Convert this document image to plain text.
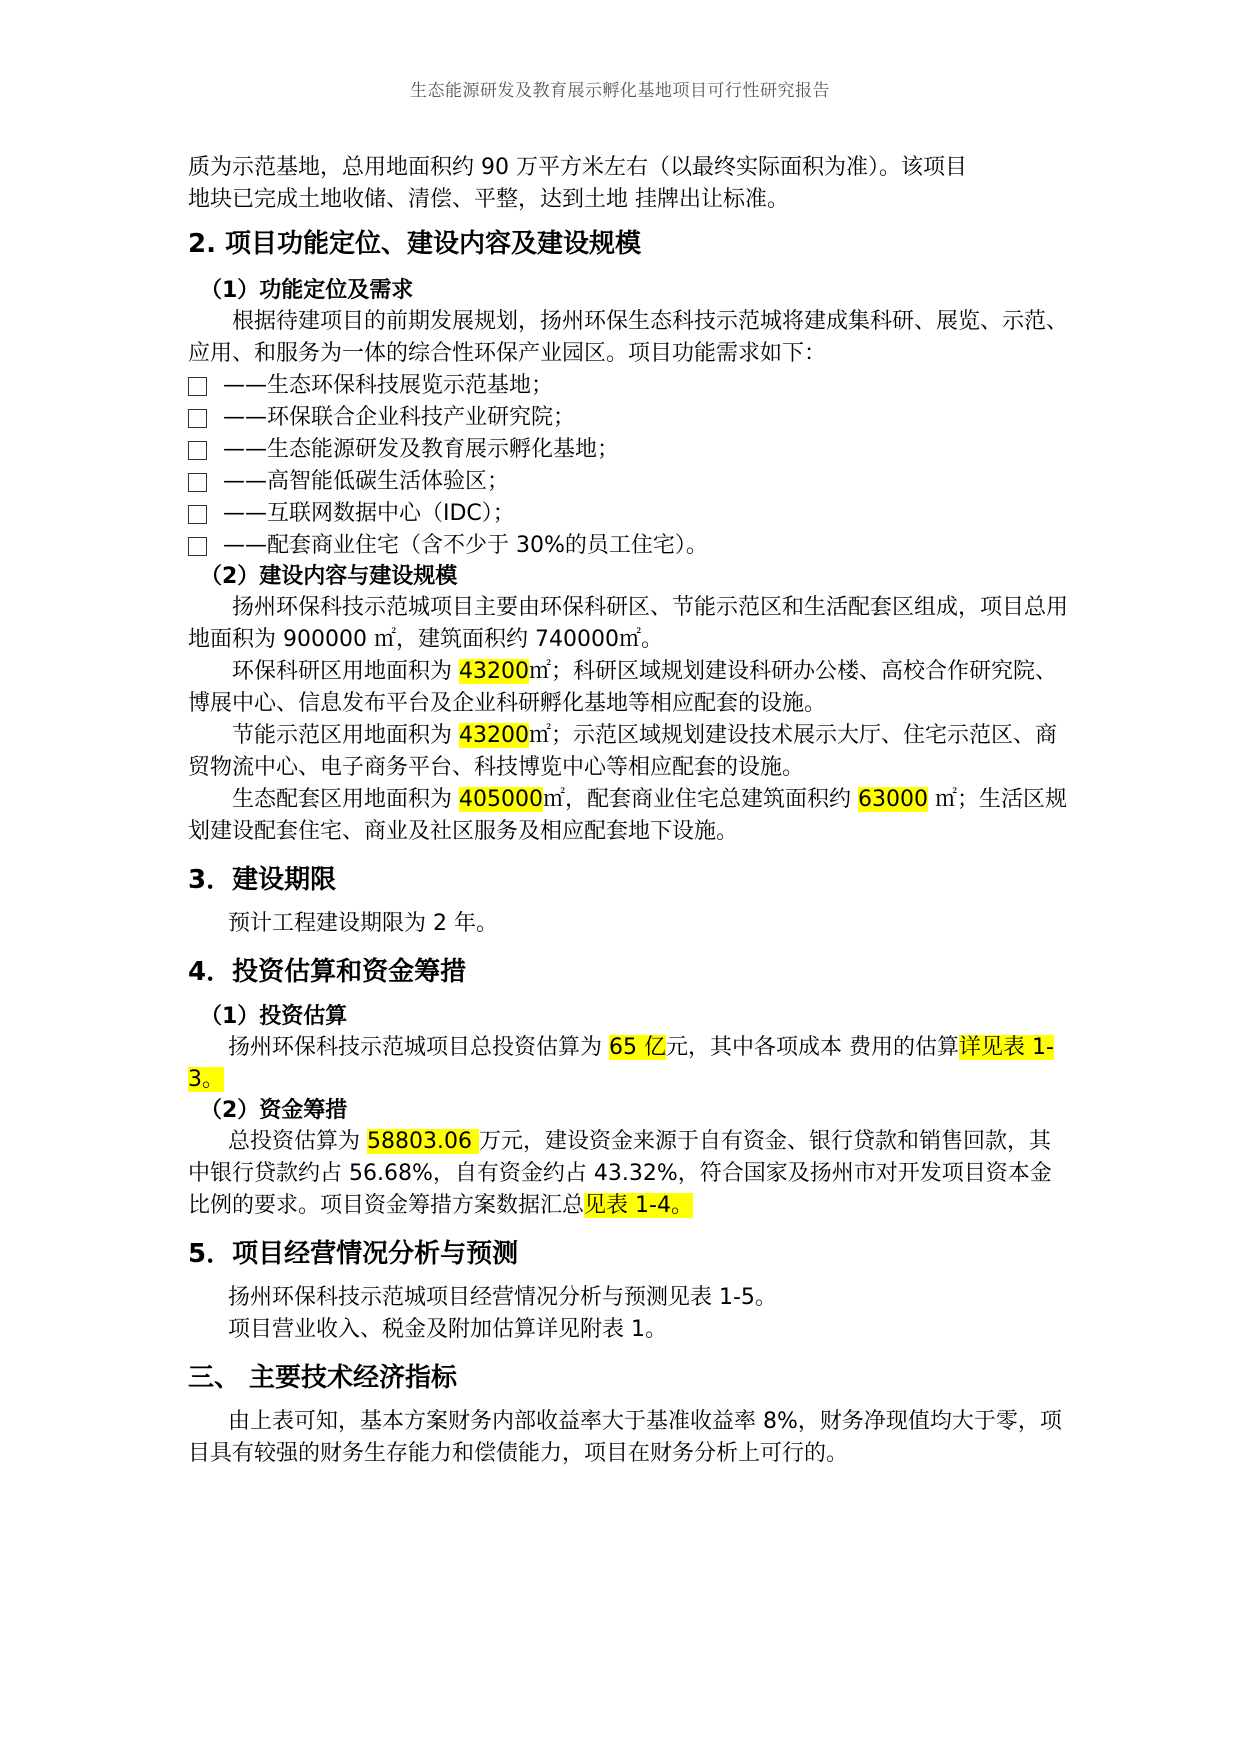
生态能源研发及教育展示孵化基地项目可行性研究报告

质为示范基地，总用地面积约 90 万平方米左右（以最终实际面积为准）。该项目

地块已完成土地收储、清偿、平整，达到土地 挂牌出让标准。

2. 项目功能定位、建设内容及建设规模

（1）功能定位及需求

根据待建项目的前期发展规划，扬州环保生态科技示范城将建成集科研、展览、示范、应用、和服务为一体的综合性环保产业园区。项目功能需求如下：

——生态环保科技展览示范基地；

——环保联合企业科技产业研究院；

——生态能源研发及教育展示孵化基地；

——高智能低碳生活体验区；

——互联网数据中心（IDC）；

——配套商业住宅（含不少于 30%的员工住宅）。

（2）建设内容与建设规模

扬州环保科技示范城项目主要由环保科研区、节能示范区和生活配套区组成，项目总用地面积为 900000 ㎡，建筑面积约 740000㎡。

环保科研区用地面积为 43200㎡；科研区域规划建设科研办公楼、高校合作研究院、博展中心、信息发布平台及企业科研孵化基地等相应配套的设施。

节能示范区用地面积为 43200㎡；示范区域规划建设技术展示大厅、住宅示范区、商贸物流中心、电子商务平台、科技博览中心等相应配套的设施。

生态配套区用地面积为 405000㎡，配套商业住宅总建筑面积约 63000 ㎡；生活区规划建设配套住宅、商业及社区服务及相应配套地下设施。

3．建设期限

预计工程建设期限为 2 年。

4．投资估算和资金筹措

（1）投资估算

扬州环保科技示范城项目总投资估算为 65 亿元，其中各项成本 费用的估算详见表 1-3。

（2）资金筹措

总投资估算为 58803.06 万元，建设资金来源于自有资金、银行贷款和销售回款，其中银行贷款约占 56.68%，自有资金约占 43.32%，符合国家及扬州市对开发项目资本金比例的要求。项目资金筹措方案数据汇总见表 1-4。

5．项目经营情况分析与预测

扬州环保科技示范城项目经营情况分析与预测见表 1-5。

项目营业收入、税金及附加估算详见附表 1。

三、 主要技术经济指标

由上表可知，基本方案财务内部收益率大于基准收益率 8%，财务净现值均大于零，项目具有较强的财务生存能力和偿债能力，项目在财务分析上可行的。
